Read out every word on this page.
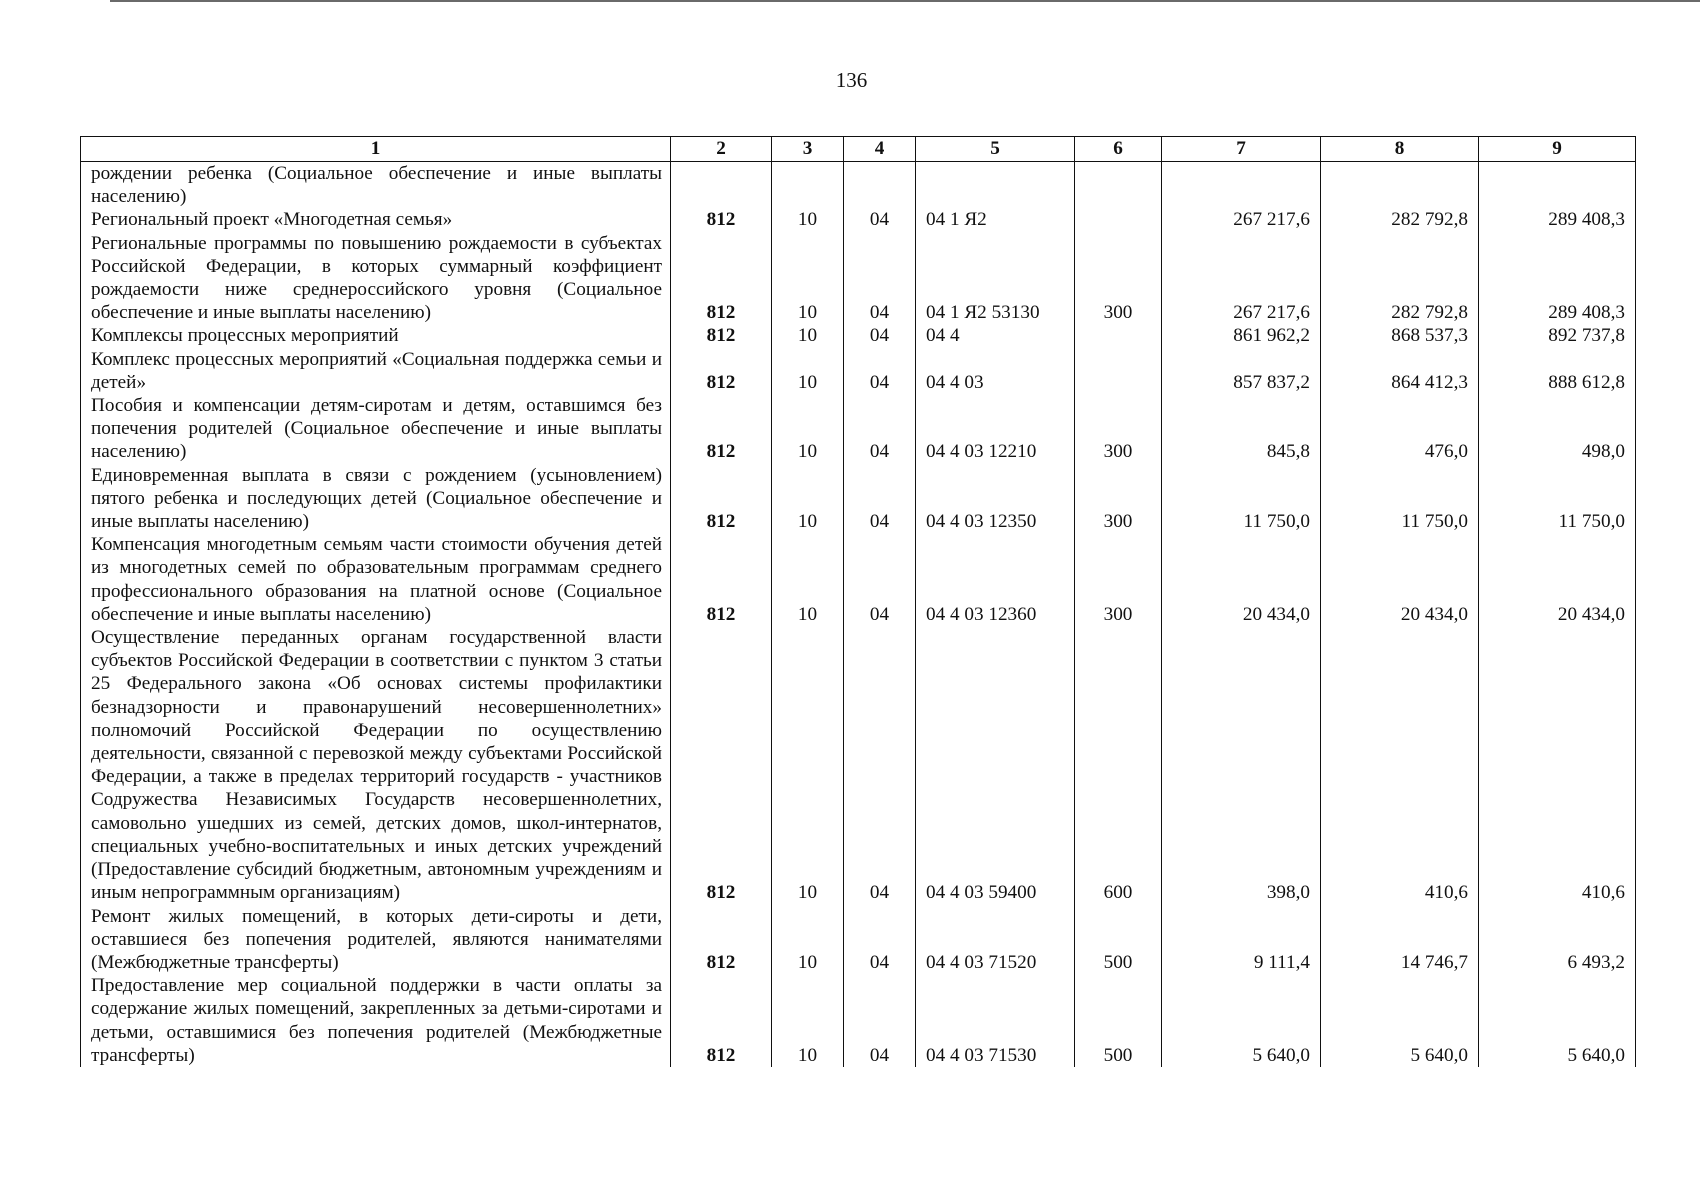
136
1	2	3	4	5	6	7	8	9
рождении ребенка (Социальное обеспечение и иные выплаты населению)								
Региональный проект «Многодетная семья»	812	10	04	04 1 Я2		267 217,6	282 792,8	289 408,3
Региональные программы по повышению рождаемости в субъектах Российской Федерации, в которых суммарный коэффициент рождаемости ниже среднероссийского уровня (Социальное обеспечение и иные выплаты населению)	812	10	04	04 1 Я2 53130	300	267 217,6	282 792,8	289 408,3
Комплексы процессных мероприятий	812	10	04	04 4		861 962,2	868 537,3	892 737,8
Комплекс процессных мероприятий «Социальная поддержка семьи и детей»	812	10	04	04 4 03		857 837,2	864 412,3	888 612,8
Пособия и компенсации детям-сиротам и детям, оставшимся без попечения родителей (Социальное обеспечение и иные выплаты населению)	812	10	04	04 4 03 12210	300	845,8	476,0	498,0
Единовременная выплата в связи с рождением (усыновлением) пятого ребенка и последующих детей (Социальное обеспечение и иные выплаты населению)	812	10	04	04 4 03 12350	300	11 750,0	11 750,0	11 750,0
Компенсация многодетным семьям части стоимости обучения детей из многодетных семей по образовательным программам среднего профессионального образования на платной основе (Социальное обеспечение и иные выплаты населению)	812	10	04	04 4 03 12360	300	20 434,0	20 434,0	20 434,0
Осуществление переданных органам государственной власти субъектов Российской Федерации в соответствии с пунктом 3 статьи 25 Федерального закона «Об основах системы профилактики безнадзорности и правонарушений несовершеннолетних» полномочий Российской Федерации по осуществлению деятельности, связанной с перевозкой между субъектами Российской Федерации, а также в пределах территорий государств - участников Содружества Независимых Государств несовершеннолетних, самовольно ушедших из семей, детских домов, школ-интернатов, специальных учебно-воспитательных и иных детских учреждений (Предоставление субсидий бюджетным, автономным учреждениям и иным непрограммным организациям)	812	10	04	04 4 03 59400	600	398,0	410,6	410,6
Ремонт жилых помещений, в которых дети-сироты и дети, оставшиеся без попечения родителей, являются нанимателями (Межбюджетные трансферты)	812	10	04	04 4 03 71520	500	9 111,4	14 746,7	6 493,2
Предоставление мер социальной поддержки в части оплаты за содержание жилых помещений, закрепленных за детьми-сиротами и детьми, оставшимися без попечения родителей (Межбюджетные трансферты)	812	10	04	04 4 03 71530	500	5 640,0	5 640,0	5 640,0
